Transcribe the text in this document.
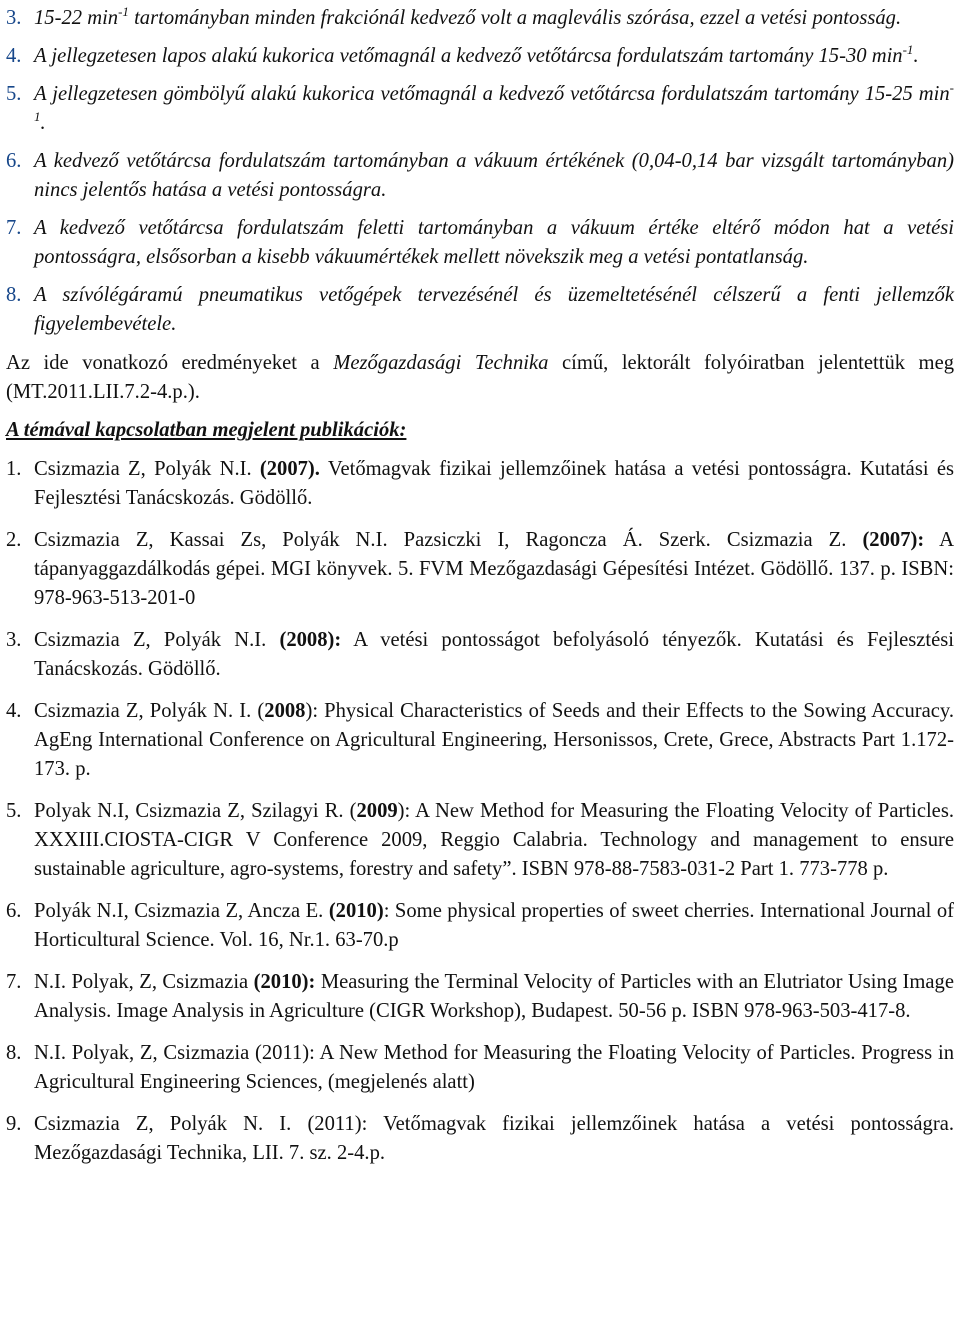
3. 15-22 $\min^{-1}$ tartományban minden frakciónál kedvező volt a maglevális szórása, ezzel a vetési pontosság.
4. A jellegzetesen lapos alakú kukorica vetőmagnál a kedvező vetőtárcsa fordulatszám tartomány 15-30 $\min^{-1}$.
5. A jellegzetesen gömbölyű alakú kukorica vetőmagnál a kedvező vetőtárcsa fordulatszám tartomány 15-25 $\min^{-1}$.
6. A kedvező vetőtárcsa fordulatszám tartományban a vákuum értékének (0,04-0,14 bar vizsgált tartományban) nincs jelentős hatása a vetési pontosságra.
7. A kedvező vetőtárcsa fordulatszám feletti tartományban a vákuum értéke eltérő módon hat a vetési pontosságra, elsősorban a kisebb vákuumértékek mellett növekszik meg a vetési pontatlanság.
8. A szívólégáramú pneumatikus vetőgépek tervezésénél és üzemeltetésénél célszerű a fenti jellemzők figyelembevétele.
Az ide vonatkozó eredményeket a Mezőgazdasági Technika című, lektorált folyóiratban jelentettük meg (MT.2011.LII.7.2-4.p.).
A témával kapcsolatban megjelent publikációk:
1. Csizmazia Z, Polyák N.I. (2007). Vetőmagvak fizikai jellemzőinek hatása a vetési pontosságra. Kutatási és Fejlesztési Tanácskozás. Gödöllő.
2. Csizmazia Z, Kassai Zs, Polyák N.I. Pazsiczki I, Ragoncza Á. Szerk. Csizmazia Z. (2007): A tápanyaggazdálkodás gépei. MGI könyvek. 5. FVM Mezőgazdasági Gépesítési Intézet. Gödöllő. 137. p. ISBN: 978-963-513-201-0
3. Csizmazia Z, Polyák N.I. (2008): A vetési pontosságot befolyásoló tényezők. Kutatási és Fejlesztési Tanácskozás. Gödöllő.
4. Csizmazia Z, Polyák N. I. (2008): Physical Characteristics of Seeds and their Effects to the Sowing Accuracy. AgEng International Conference on Agricultural Engineering, Hersonissos, Crete, Grece, Abstracts Part 1.172-173. p.
5. Polyak N.I, Csizmazia Z, Szilagyi R. (2009): A New Method for Measuring the Floating Velocity of Particles. XXXIII.CIOSTA-CIGR V Conference 2009, Reggio Calabria. Technology and management to ensure sustainable agriculture, agro-systems, forestry and safety”. ISBN 978-88-7583-031-2 Part 1. 773-778 p.
6. Polyák N.I, Csizmazia Z, Ancza E. (2010): Some physical properties of sweet cherries. International Journal of Horticultural Science. Vol. 16, Nr.1. 63-70.p
7. N.I. Polyak, Z, Csizmazia (2010): Measuring the Terminal Velocity of Particles with an Elutriator Using Image Analysis. Image Analysis in Agriculture (CIGR Workshop), Budapest. 50-56 p. ISBN 978-963-503-417-8.
8. N.I. Polyak, Z, Csizmazia (2011): A New Method for Measuring the Floating Velocity of Particles. Progress in Agricultural Engineering Sciences, (megjelenés alatt)
9. Csizmazia Z, Polyák N. I. (2011): Vetőmagvak fizikai jellemzőinek hatása a vetési pontosságra. Mezőgazdasági Technika, LII. 7. sz. 2-4.p.
